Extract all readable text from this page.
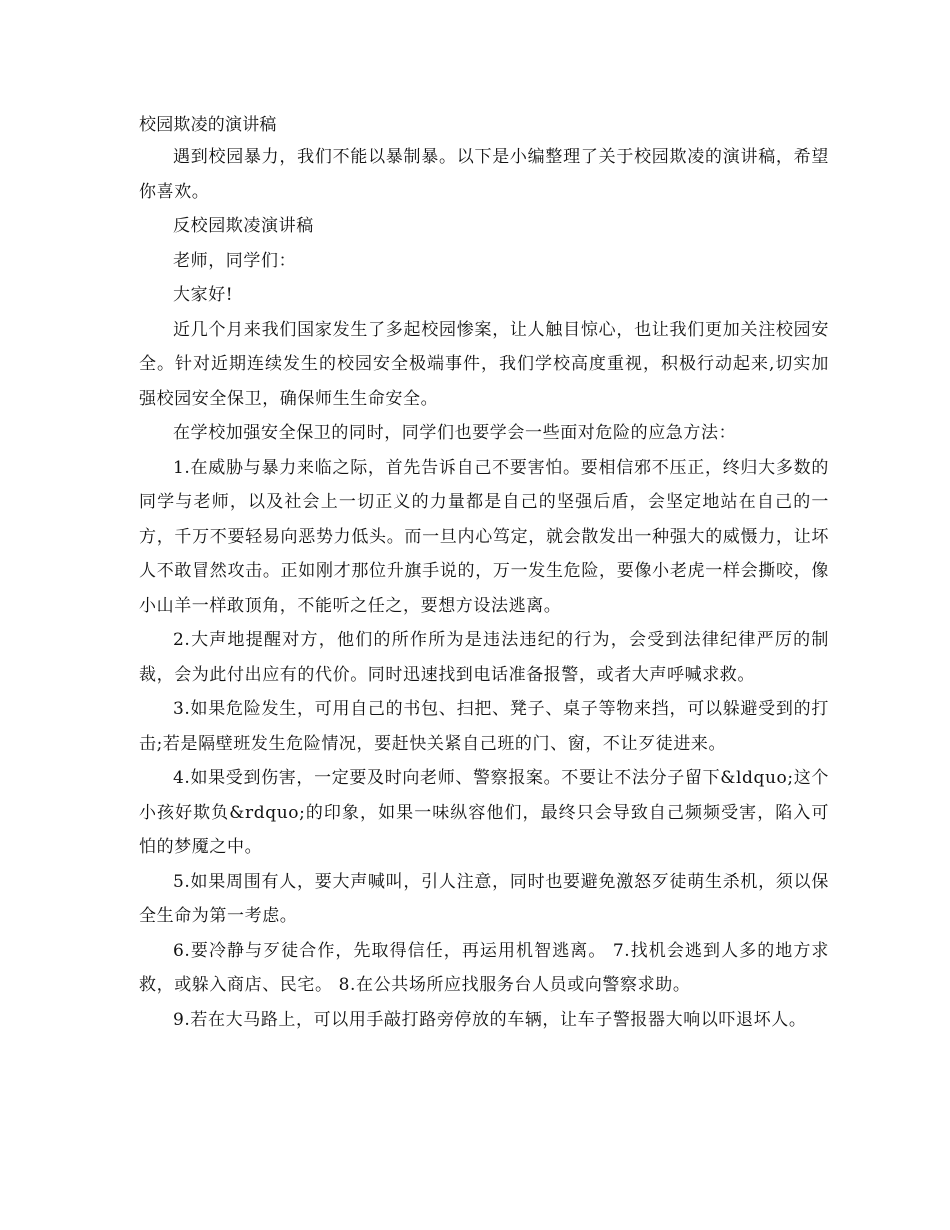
校园欺凌的演讲稿

遇到校园暴力，我们不能以暴制暴。以下是小编整理了关于校园欺凌的演讲稿，希望你喜欢。

反校园欺凌演讲稿

老师，同学们：

大家好!

近几个月来我们国家发生了多起校园惨案，让人触目惊心，也让我们更加关注校园安全。针对近期连续发生的校园安全极端事件，我们学校高度重视，积极行动起来,切实加强校园安全保卫，确保师生生命安全。

在学校加强安全保卫的同时，同学们也要学会一些面对危险的应急方法：

1.在威胁与暴力来临之际，首先告诉自己不要害怕。要相信邪不压正，终归大多数的同学与老师，以及社会上一切正义的力量都是自己的坚强后盾，会坚定地站在自己的一方，千万不要轻易向恶势力低头。而一旦内心笃定，就会散发出一种强大的威慑力，让坏人不敢冒然攻击。正如刚才那位升旗手说的，万一发生危险，要像小老虎一样会撕咬，像小山羊一样敢顶角，不能听之任之，要想方设法逃离。

2.大声地提醒对方，他们的所作所为是违法违纪的行为，会受到法律纪律严厉的制裁，会为此付出应有的代价。同时迅速找到电话准备报警，或者大声呼喊求救。

3.如果危险发生，可用自己的书包、扫把、凳子、桌子等物来挡，可以躲避受到的打击;若是隔壁班发生危险情况，要赶快关紧自己班的门、窗，不让歹徒进来。

4.如果受到伤害，一定要及时向老师、警察报案。不要让不法分子留下&ldquo;这个小孩好欺负&rdquo;的印象，如果一味纵容他们，最终只会导致自己频频受害，陷入可怕的梦魇之中。

5.如果周围有人，要大声喊叫，引人注意，同时也要避免激怒歹徒萌生杀机，须以保全生命为第一考虑。

6.要冷静与歹徒合作，先取得信任，再运用机智逃离。 7.找机会逃到人多的地方求救，或躲入商店、民宅。 8.在公共场所应找服务台人员或向警察求助。

9.若在大马路上，可以用手敲打路旁停放的车辆，让车子警报器大响以吓退坏人。
